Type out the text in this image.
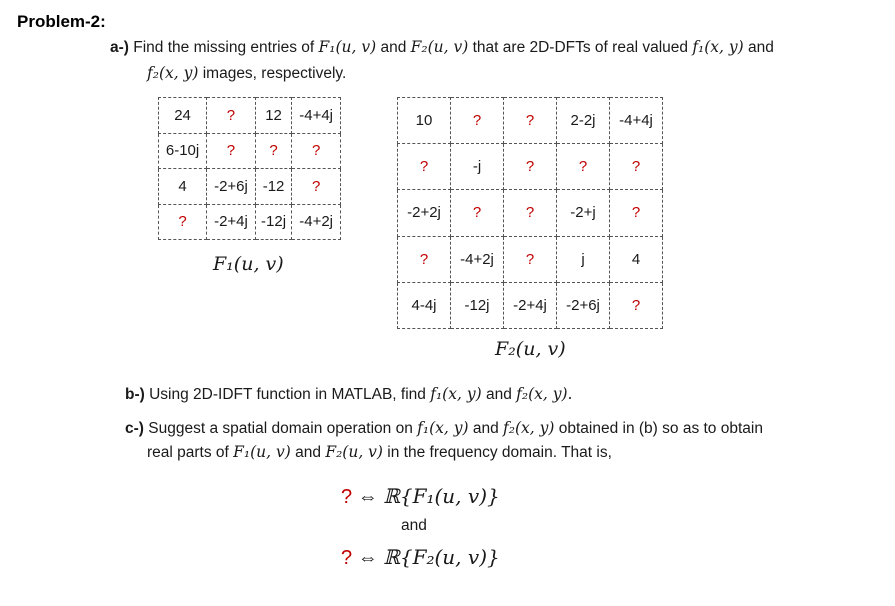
Problem-2:
a-) Find the missing entries of F₁(u, v) and F₂(u, v) that are 2D-DFTs of real valued f₁(x, y) and
f₂(x, y) images, respectively.
24	?	12	-4+4j
6-10j	?	?	?
4	-2+6j	-12	?
?	-2+4j	-12j	-4+2j
F₁(u, v)
10	?	?	2-2j	-4+4j
?	-j	?	?	?
-2+2j	?	?	-2+j	?
?	-4+2j	?	j	4
4-4j	-12j	-2+4j	-2+6j	?
F₂(u, v)
b-) Using 2D-IDFT function in MATLAB, find f₁(x, y) and f₂(x, y).
c-) Suggest a spatial domain operation on f₁(x, y) and f₂(x, y) obtained in (b) so as to obtain
real parts of F₁(u, v) and F₂(u, v) in the frequency domain. That is,
? ⇔ ℝ{F₁(u, v)}
and
? ⇔ ℝ{F₂(u, v)}
